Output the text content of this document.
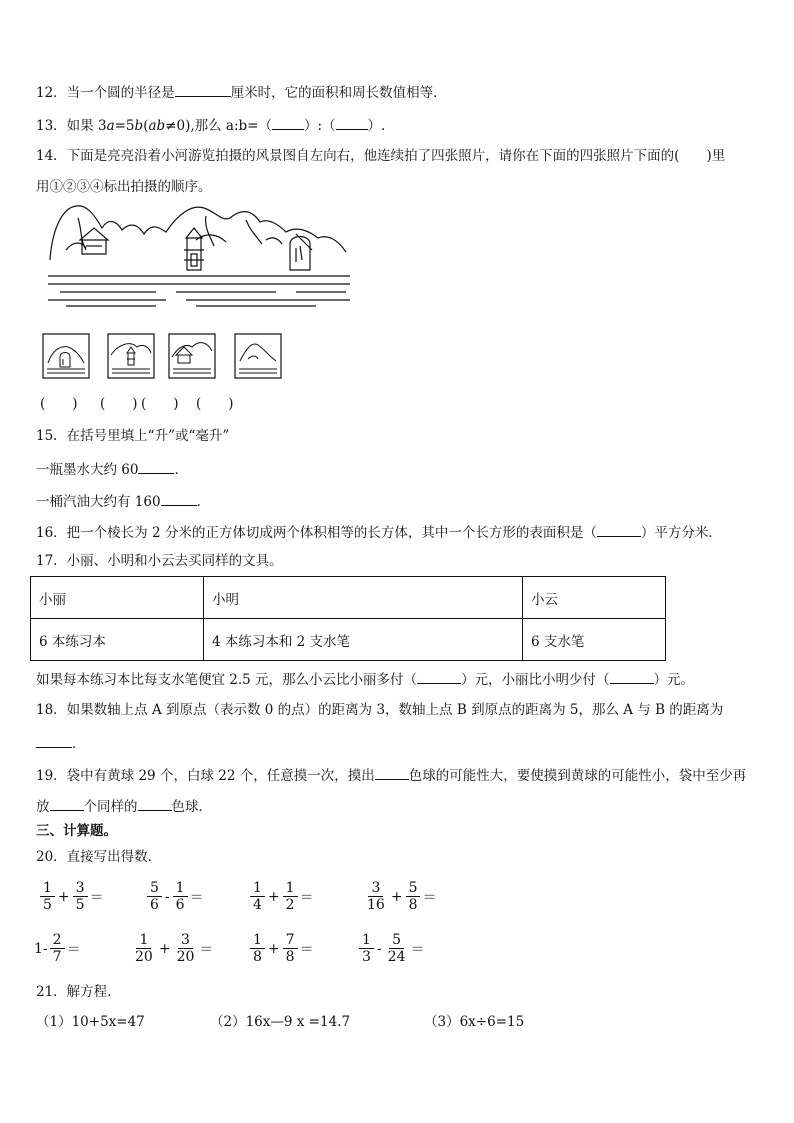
12．当一个圆的半径是	厘米时，它的面积和周长数值相等．
13．如果 3a=5b(ab≠0),那么 a:b=（ ）:（ ）.
14．下面是亮亮沿着小河游览拍摄的风景图自左向右，他连续拍了四张照片，请你在下面的四张照片下面的(　　)里
用①②③④标出拍摄的顺序。
(　　) (　　) (　　) (　　)
15．在括号里填上“升”或“毫升”
一瓶墨水大约 60	．
一桶汽油大约有 160	．
16．把一个棱长为 2 分米的正方体切成两个体积相等的长方体，其中一个长方形的表面积是（	）平方分米．
17．小丽、小明和小云去买同样的文具。
小丽	小明	小云
6 本练习本	4 本练习本和 2 支水笔	6 支水笔
如果每本练习本比每支水笔便宜 2.5 元，那么小云比小丽多付（	）元，小丽比小明少付（	）元。
18．如果数轴上点 A 到原点（表示数 0 的点）的距离为 3，数轴上点 B 到原点的距离为 5，那么 A 与 B 的距离为
．
19．袋中有黄球 29 个，白球 22 个，任意摸一次，摸出	色球的可能性大，要使摸到黄球的可能性小，袋中至少再
放	个同样的	色球．
三、计算题。
20．直接写出得数．
$\frac{1}{5} + \frac{3}{5}$ ＝	$\frac{5}{6} - \frac{1}{6}$ ＝	$\frac{1}{4} + \frac{1}{2}$ ＝	$\frac{3}{16} + \frac{5}{8}$ ＝
$1- \frac{2}{7}$ ＝	$\frac{1}{20} + \frac{3}{20}$ ＝	$\frac{1}{8} + \frac{7}{8}$ ＝	$\frac{1}{3} - \frac{5}{24}$ ＝
21．解方程．
（1）10+5x=47	（2）16x—9 x =14.7	（3）6x÷6=15
